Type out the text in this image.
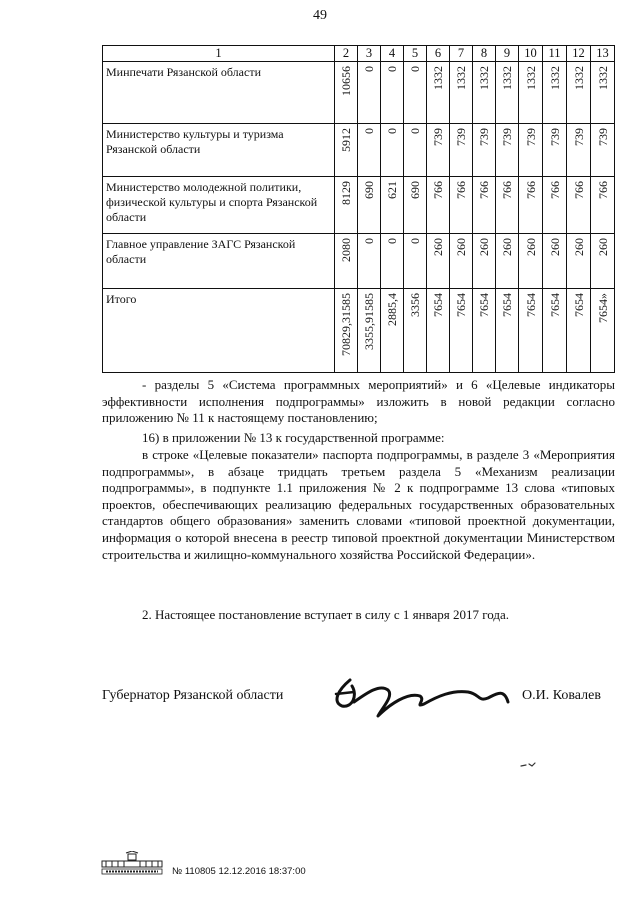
49
1	2	3	4	5	6	7	8	9	10	11	12	13
Минпечати Рязанской области	10656	0	0	0	1332	1332	1332	1332	1332	1332	1332	1332

Министерство культуры и туризма Рязанской области	5912	0	0	0	739	739	739	739	739	739	739	739

Министерство молодежной политики, физической культуры и спорта Рязанской области	8129	690	621	690	766	766	766	766	766	766	766	766

Главное управление ЗАГС Рязанской области	2080	0	0	0	260	260	260	260	260	260	260	260

Итого	70829,31585	3355,91585	2885,4	3356	7654	7654	7654	7654	7654	7654	7654	7654»
- разделы 5 «Система программных мероприятий» и 6 «Целевые индикаторы эффективности исполнения подпрограммы» изложить в новой редакции согласно приложению № 11 к настоящему постановлению;
16) в приложении № 13 к государственной программе:
в строке «Целевые показатели» паспорта подпрограммы, в разделе 3 «Мероприятия подпрограммы», в абзаце тридцать третьем раздела 5 «Механизм реализации подпрограммы», в подпункте 1.1 приложения № 2 к подпрограмме 13 слова «типовых проектов, обеспечивающих реализацию федеральных государственных образовательных стандартов общего образования» заменить словами «типовой проектной документации, информация о которой внесена в реестр типовой проектной документации Министерством строительства и жилищно-коммунального хозяйства Российской Федерации».
2. Настоящее постановление вступает в силу с 1 января 2017 года.
Губернатор Рязанской области	О.И. Ковалев
№ 110805 12.12.2016 18:37:00
